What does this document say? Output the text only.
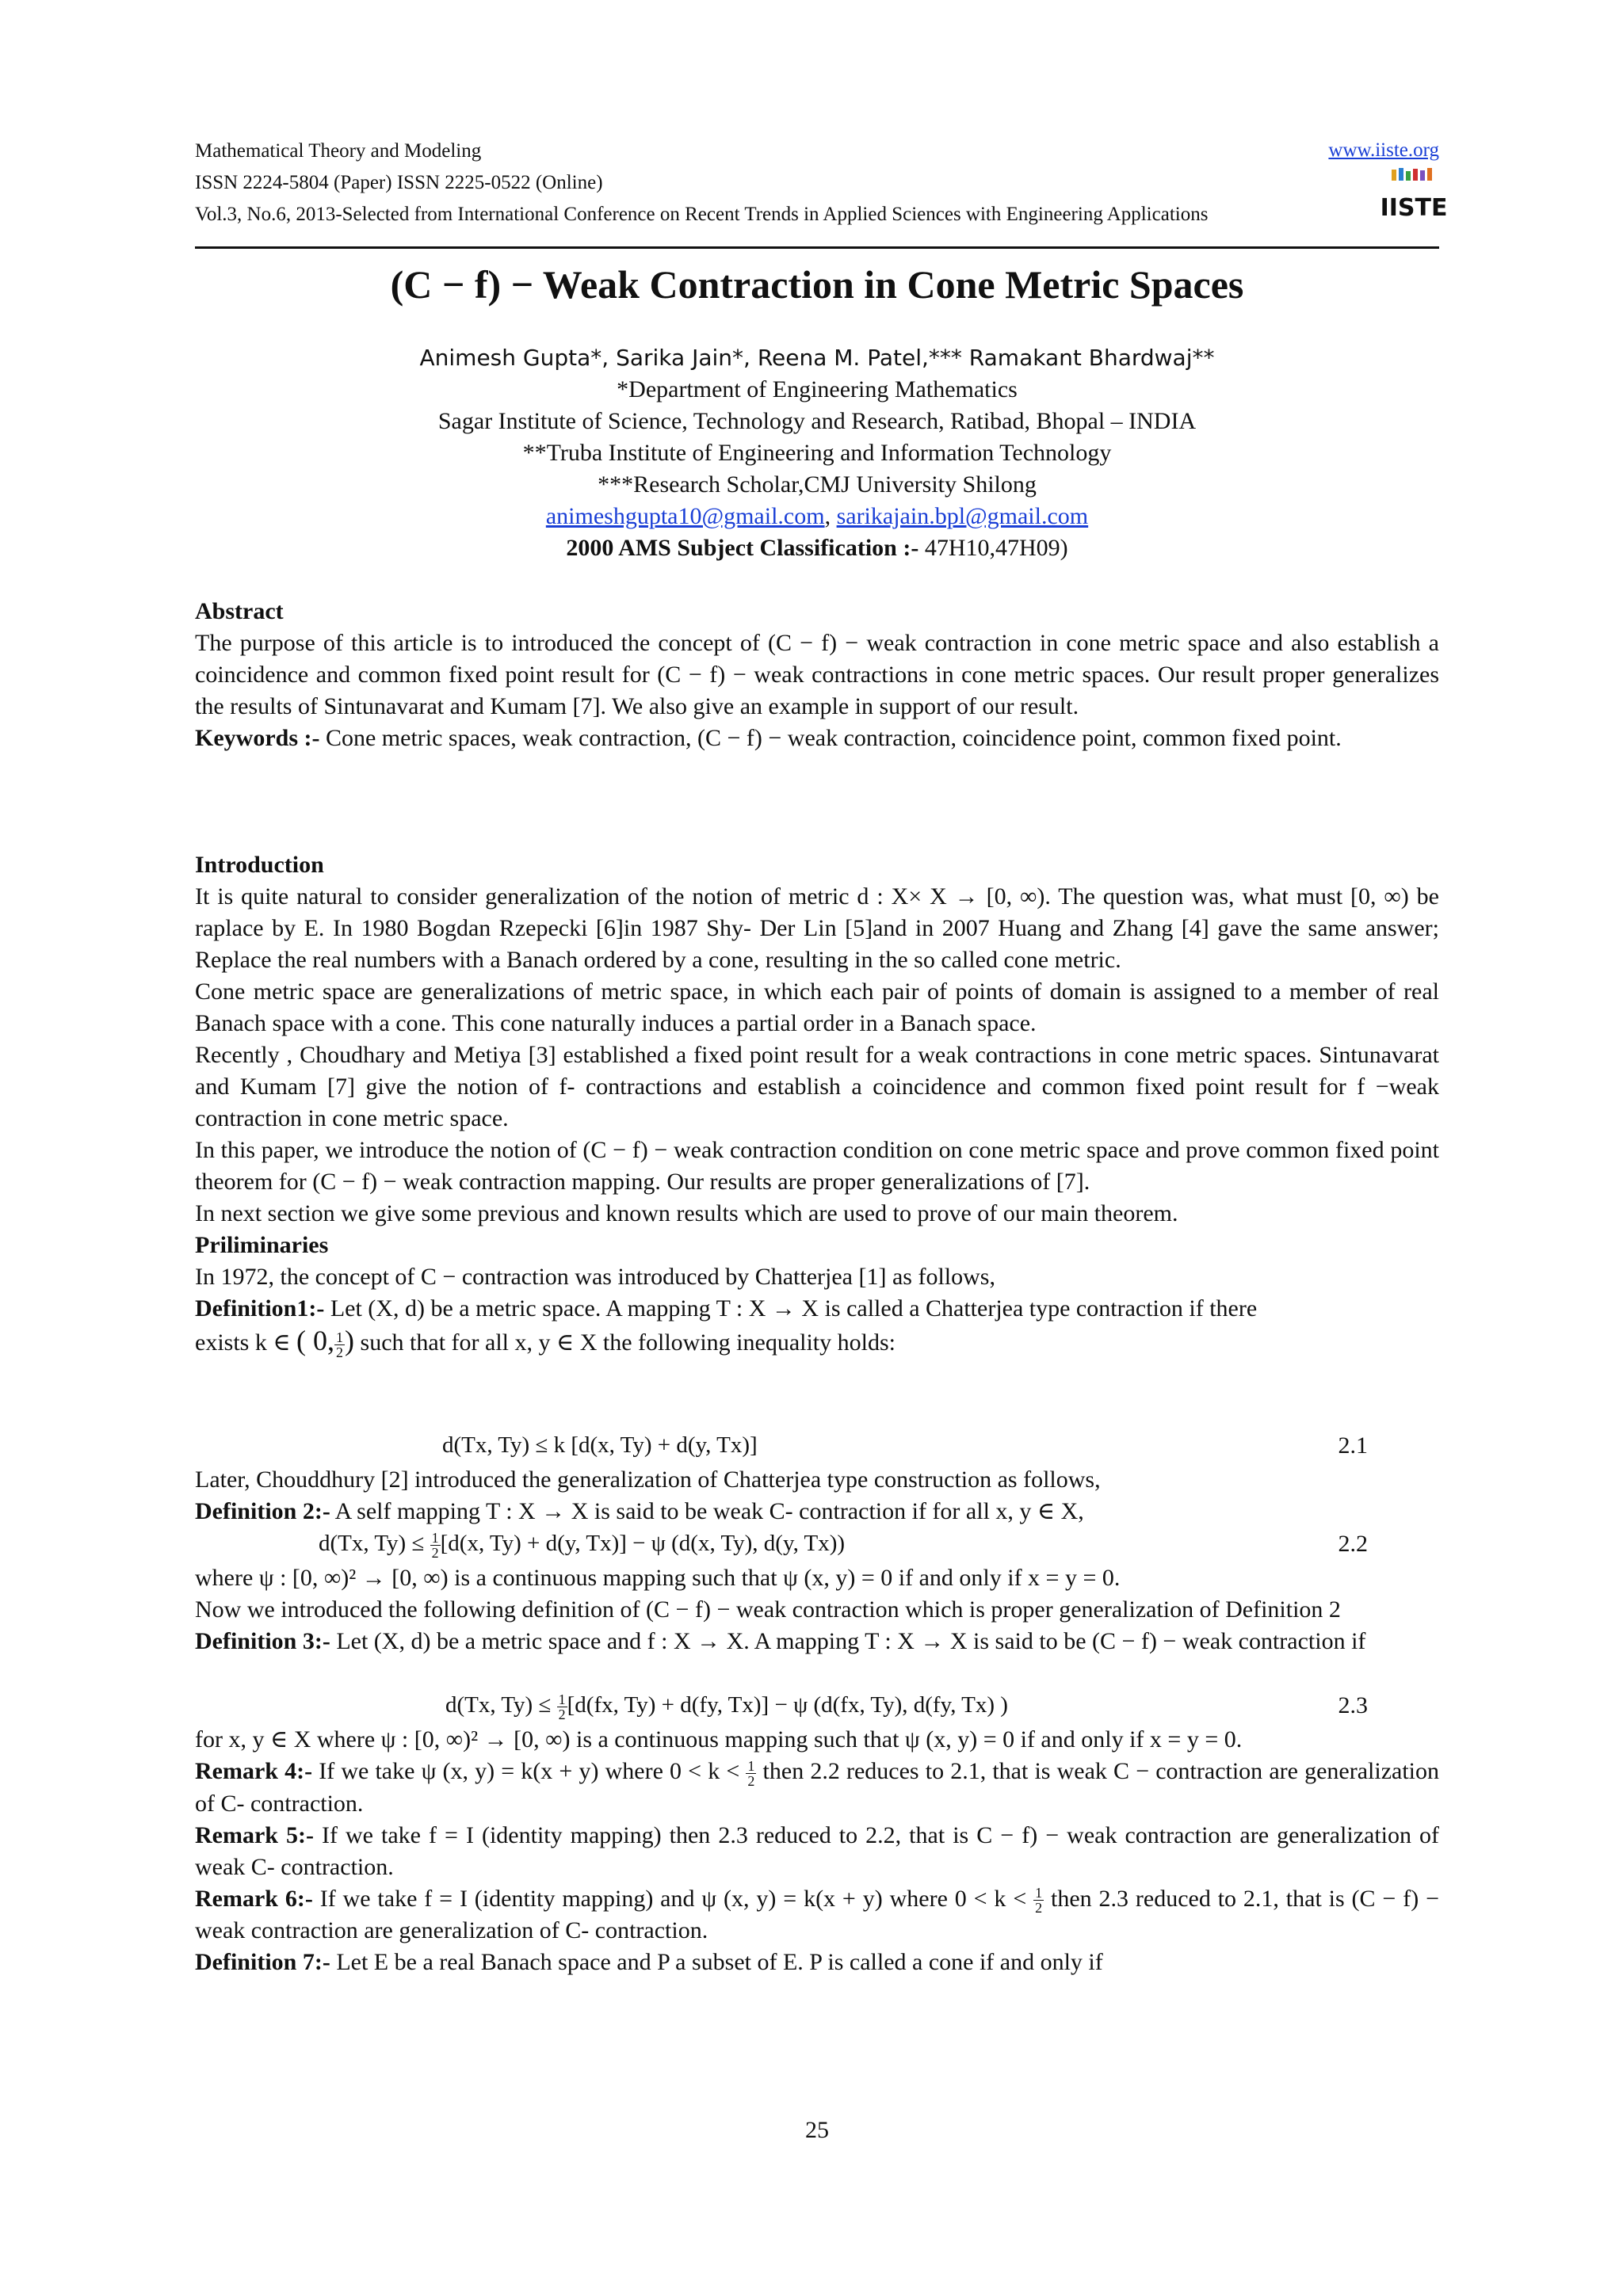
Mathematical Theory and Modeling	www.iiste.org
ISSN 2224-5804 (Paper) ISSN 2225-0522 (Online)
Vol.3, No.6, 2013-Selected from International Conference on Recent Trends in Applied Sciences with Engineering Applications	IISTE
(C − f) − Weak Contraction in Cone Metric Spaces
Animesh Gupta*, Sarika Jain*, Reena M. Patel,*** Ramakant Bhardwaj**
*Department of Engineering Mathematics
Sagar Institute of Science, Technology and Research, Ratibad, Bhopal – INDIA
**Truba Institute of Engineering and Information Technology
***Research Scholar,CMJ University Shilong
animeshgupta10@gmail.com, sarikajain.bpl@gmail.com
2000 AMS Subject Classification :- 47H10,47H09)

Abstract

The purpose of this article is to introduced the concept of (C − f) − weak contraction in cone metric space and also establish a coincidence and common fixed point result for (C − f) − weak contractions in cone metric spaces. Our result proper generalizes the results of Sintunavarat and Kumam [7]. We also give an example in support of our result.

Keywords :- Cone metric spaces, weak contraction, (C − f) − weak contraction, coincidence point, common fixed point.

Introduction

It is quite natural to consider generalization of the notion of metric d : X× X → [0, ∞). The question was, what must [0, ∞) be raplace by E. In 1980 Bogdan Rzepecki [6]in 1987 Shy- Der Lin [5]and in 2007 Huang and Zhang [4] gave the same answer; Replace the real numbers with a Banach ordered by a cone, resulting in the so called cone metric.

Cone metric space are generalizations of metric space, in which each pair of points of domain is assigned to a member of real Banach space with a cone. This cone naturally induces a partial order in a Banach space.

Recently , Choudhary and Metiya [3] established a fixed point result for a weak contractions in cone metric spaces. Sintunavarat and Kumam [7] give the notion of f- contractions and establish a coincidence and common fixed point result for f −weak contraction in cone metric space.

In this paper, we introduce the notion of (C − f) − weak contraction condition on cone metric space and prove common fixed point theorem for (C − f) − weak contraction mapping. Our results are proper generalizations of [7].

In next section we give some previous and known results which are used to prove of our main theorem.

Priliminaries

In 1972, the concept of C − contraction was introduced by Chatterjea [1] as follows,

Definition1:- Let (X, d) be a metric space. A mapping T : X → X is called a Chatterjea type contraction if there

exists k ∈ ( 0, $\frac{1}{2}$ ) such that for all x, y ∈ X the following inequality holds:

d(Tx, Ty) ≤ k [d(x, Ty) + d(y, Tx)]	2.1

Later, Chouddhury [2] introduced the generalization of Chatterjea type construction as follows,

Definition 2:- A self mapping T : X → X is said to be weak C- contraction if for all x, y ∈ X,

d(Tx, $Ty) \le \frac{1}{2} [d(x$, Ty) + d(y, Tx)] − ψ (d(x, Ty), d(y, Tx))	2.2

where ψ : [0, ∞)² → [0, ∞) is a continuous mapping such that ψ (x, y) = 0 if and only if x = y = 0.

Now we introduced the following definition of (C − f) − weak contraction which is proper generalization of Definition 2

Definition 3:- Let (X, d) be a metric space and f : X → X. A mapping T : X → X is said to be (C − f) − weak contraction if

d(Tx, $Ty) \le \frac{1}{2} [d(fx$, Ty) + d(fy, Tx)] − ψ (d(fx, Ty), d(fy, Tx) )	2.3

for x, y ∈ X where ψ : [0, ∞)² → [0, ∞) is a continuous mapping such that ψ (x, y) = 0 if and only if x = y = 0.

Remark 4:- If we take ψ (x, y) = k(x + y) where $0 < k < \frac{1}{2}$ then 2.2 reduces to 2.1, that is weak C − contraction are generalization of C- contraction.

Remark 5:- If we take f = I (identity mapping) then 2.3 reduced to 2.2, that is C − f) − weak contraction are generalization of weak C- contraction.

Remark 6:- If we take f = I (identity mapping) and ψ (x, y) = k(x + y) where $0 < k < \frac{1}{2}$ then 2.3 reduced to 2.1, that is (C − f) − weak contraction are generalization of C- contraction.

Definition 7:- Let E be a real Banach space and P a subset of E. P is called a cone if and only if

25
